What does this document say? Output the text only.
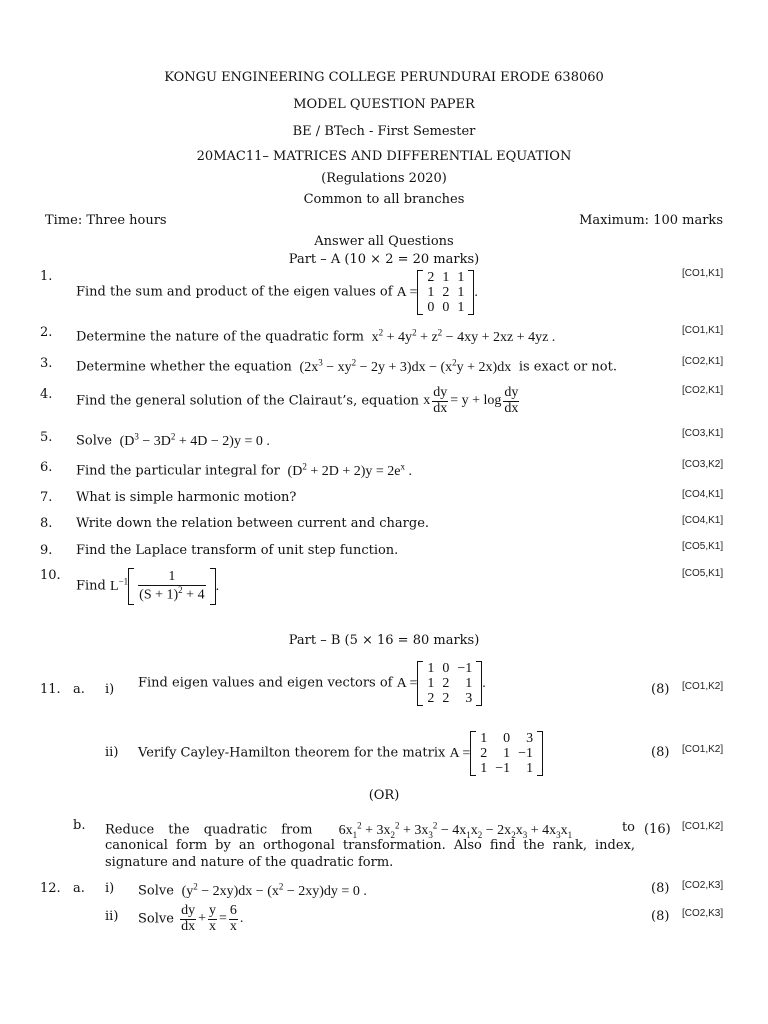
KONGU ENGINEERING COLLEGE PERUNDURAI ERODE 638060
MODEL QUESTION PAPER
BE / BTech - First Semester
20MAC11– MATRICES AND DIFFERENTIAL EQUATION
(Regulations 2020)
Common to all branches
Time: Three hours	Maximum: 100 marks
Answer all Questions
Part – A (10 × 2 = 20 marks)
1.
Find the sum and product of the eigen values of A =
2	1	1
1	2	1
0	0	1
.
[CO1,K1]
2. Determine the nature of the quadratic form  $x^2 + 4y^2 + z^2 - 4xy + 2xz + 4yz$ .	[CO1,K1]
3. Determine whether the equation  $(2x^3 - xy^2 - 2y + 3)dx - (x^2y + 2x)dx$  is exact or not.	[CO2,K1]
4. Find the general solution of the Clairaut’s, equation x $\frac{dy}{dx} = y + \log \frac{dy}{dx}$	[CO2,K1]
5. Solve  $(D^3 - 3D^2 + 4D - 2)y = 0$ .
[CO3,K1]
6. Find the particular integral for  $(D^2 + 2D + 2)y = 2e^x$ .	[CO3,K2]
7. What is simple harmonic motion?	[CO4,K1]
8. Write down the relation between current and charge.	[CO4,K1]
9. Find the Laplace transform of unit step function.	[CO5,K1]
10.
Find $L^{-1} \frac{1}{(S + 1)^2 + 4}$ .
[CO5,K1]
Part – B (5 × 16 = 80 marks)
11. a. i) Find eigen values and eigen vectors of A =
1	0	−1
1	2	1
2	2	3
.	(8) [CO1,K2]
ii) Verify Cayley-Hamilton theorem for the matrix A =
1	0	3
2	1	−1
1	−1	1
(8) [CO1,K2]
(OR)
b. Reduce the quadratic from $6x_1^2 + 3x_2^2 + 3x_3^2 - 4x_1x_2 - 2x_2x_3 + 4x_3x_1$	to
canonical form by an orthogonal transformation. Also find the rank, index,
signature and nature of the quadratic form.
(16) [CO1,K2]
12. a. i) Solve  $(y^2 - 2xy)dx - (x^2 - 2xy)dy = 0$ .	(8) [CO2,K3]
ii) Solve $\frac{dy}{dx} + \frac{y}{x} = \frac{6}{x}$ .	(8) [CO2,K3]
